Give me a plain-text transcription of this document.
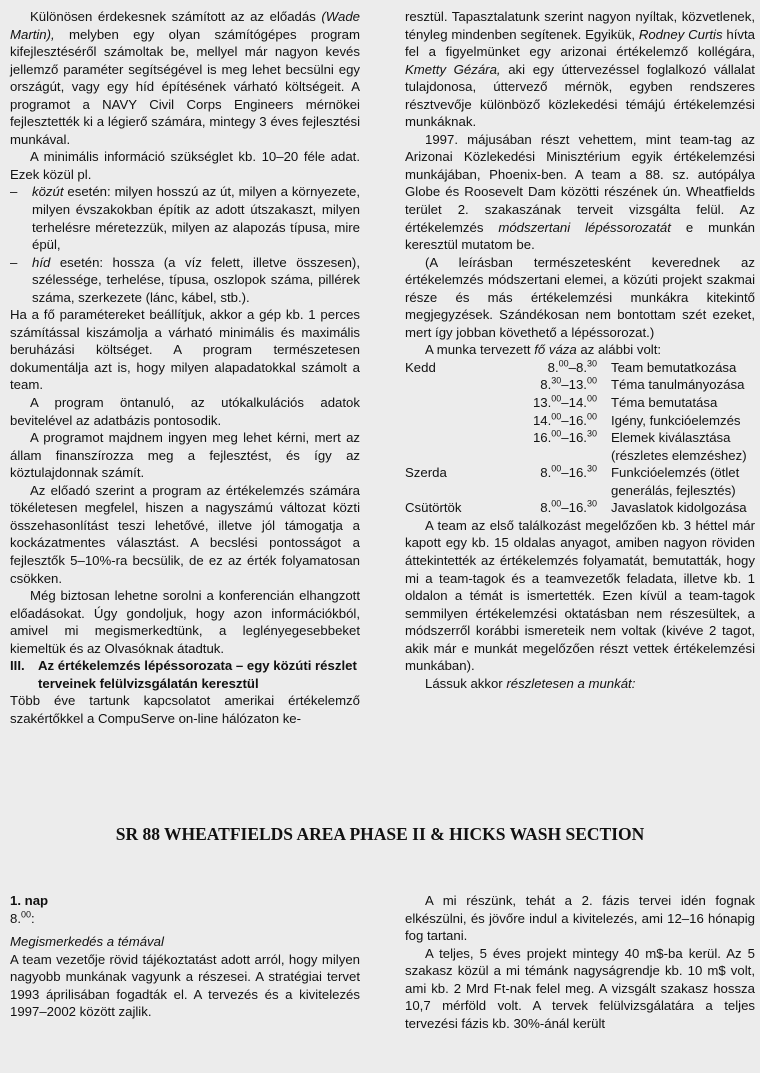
Különösen érdekesnek számított az az előadás (Wade Martin), melyben egy olyan számítógépes program kifejlesztéséről számoltak be, mellyel már nagyon kevés jellemző paraméter segítségével is meg lehet becsülni egy országút, vagy egy híd építésének várható költségeit. A programot a NAVY Civil Corps Engineers mérnökei fejlesztették ki a légierő számára, mintegy 3 éves fejlesztési munkával.

A minimális információ szükséglet kb. 10–20 féle adat. Ezek közül pl.

– közút esetén: milyen hosszú az út, milyen a környezete, milyen évszakokban építik az adott útszakaszt, milyen terhelésre méretezzük, milyen az alapozás típusa, mire épül,

– híd esetén: hossza (a víz felett, illetve összesen), szélessége, terhelése, típusa, oszlopok száma, pillérek száma, szerkezete (lánc, kábel, stb.).

Ha a fő paramétereket beállítjuk, akkor a gép kb. 1 perces számítással kiszámolja a várható minimális és maximális beruházási költséget. A program természetesen dokumentálja azt is, hogy milyen alapadatokkal számolt a team.

A program öntanuló, az utókalkulációs adatok bevitelével az adatbázis pontosodik.

A programot majdnem ingyen meg lehet kérni, mert az állam finanszírozza meg a fejlesztést, és így az köztulajdonnak számít.

Az előadó szerint a program az értékelemzés számára tökéletesen megfelel, hiszen a nagyszámú változat közti összehasonlítást teszi lehetővé, illetve jól támogatja a kockázatmentes választást. A becslési pontosságot a fejlesztők 5–10%-ra becsülik, de ez az érték folyamatosan csökken.

Még biztosan lehetne sorolni a konferencián elhangzott előadásokat. Úgy gondoljuk, hogy azon információkból, amivel mi megismerkedtünk, a leglényegesebbeket kiemeltük és az Olvasóknak átadtuk.

III. Az értékelemzés lépéssorozata – egy közúti részlet terveinek felülvizsgálatán keresztül

Több éve tartunk kapcsolatot amerikai értékelemző szakértőkkel a CompuServe on-line hálózaton ke-

resztül. Tapasztalatunk szerint nagyon nyíltak, közvetlenek, tényleg mindenben segítenek. Egyikük, Rodney Curtis hívta fel a figyelmünket egy arizonai értékelemző kollégára, Kmetty Gézára, aki egy úttervezéssel foglalkozó vállalat tulajdonosa, úttervező mérnök, egyben rendszeres résztvevője különböző közlekedési témájú értékelemzési munkáknak.

1997. májusában részt vehettem, mint team-tag az Arizonai Közlekedési Minisztérium egyik értékelemzési munkájában, Phoenix-ben. A team a 88. sz. autópálya Globe és Roosevelt Dam közötti részének ún. Wheatfields terület 2. szakaszának terveit vizsgálta felül. Az értékelemzés módszertani lépéssorozatát e munkán keresztül mutatom be.

(A leírásban természetesként keverednek az értékelemzés módszertani elemei, a közúti projekt szakmai része és más értékelemzési munkákra kitekintő megjegyzések. Szándékosan nem bontottam szét ezeket, mert így jobban követhető a lépéssorozat.)

A munka tervezett fő váza az alábbi volt:

Kedd	8.00–8.30	Team bemutatkozása
	8.30–13.00	Téma tanulmányozása
	13.00–14.00	Téma bemutatása
	14.00–16.00	Igény, funkcióelemzés
	16.00–16.30	Elemek kiválasztása (részletes elemzéshez)
Szerda	8.00–16.30	Funkcióelemzés (ötlet generálás, fejlesztés)
Csütörtök	8.00–16.30	Javaslatok kidolgozása

A team az első találkozást megelőzően kb. 3 héttel már kapott egy kb. 15 oldalas anyagot, amiben nagyon röviden áttekintették az értékelemzés folyamatát, bemutatták, hogy mi a team-tagok és a teamvezetők feladata, illetve kb. 1 oldalon a témát is ismertették. Ezen kívül a team-tagok semmilyen értékelemzési oktatásban nem részesültek, a módszerről korábbi ismereteik nem voltak (kivéve 2 tagot, akik már e munkát megelőzően részt vettek értékelemzési munkában).

Lássuk akkor részletesen a munkát:

SR 88 WHEATFIELDS AREA PHASE II & HICKS WASH SECTION

1. nap

8.00:

Megismerkedés a témával

A team vezetője rövid tájékoztatást adott arról, hogy milyen nagyobb munkának vagyunk a részesei. A stratégiai tervet 1993 áprilisában fogadták el. A tervezés és a kivitelezés 1997–2002 között zajlik.

A mi részünk, tehát a 2. fázis tervei idén fognak elkészülni, és jövőre indul a kivitelezés, ami 12–16 hónapig fog tartani.

A teljes, 5 éves projekt mintegy 40 m$-ba kerül. Az 5 szakasz közül a mi témánk nagyságrendje kb. 10 m$ volt, ami kb. 2 Mrd Ft-nak felel meg. A vizsgált szakasz hossza 10,7 mérföld volt. A tervek felülvizsgálatára a teljes tervezési fázis kb. 30%-ánál került
